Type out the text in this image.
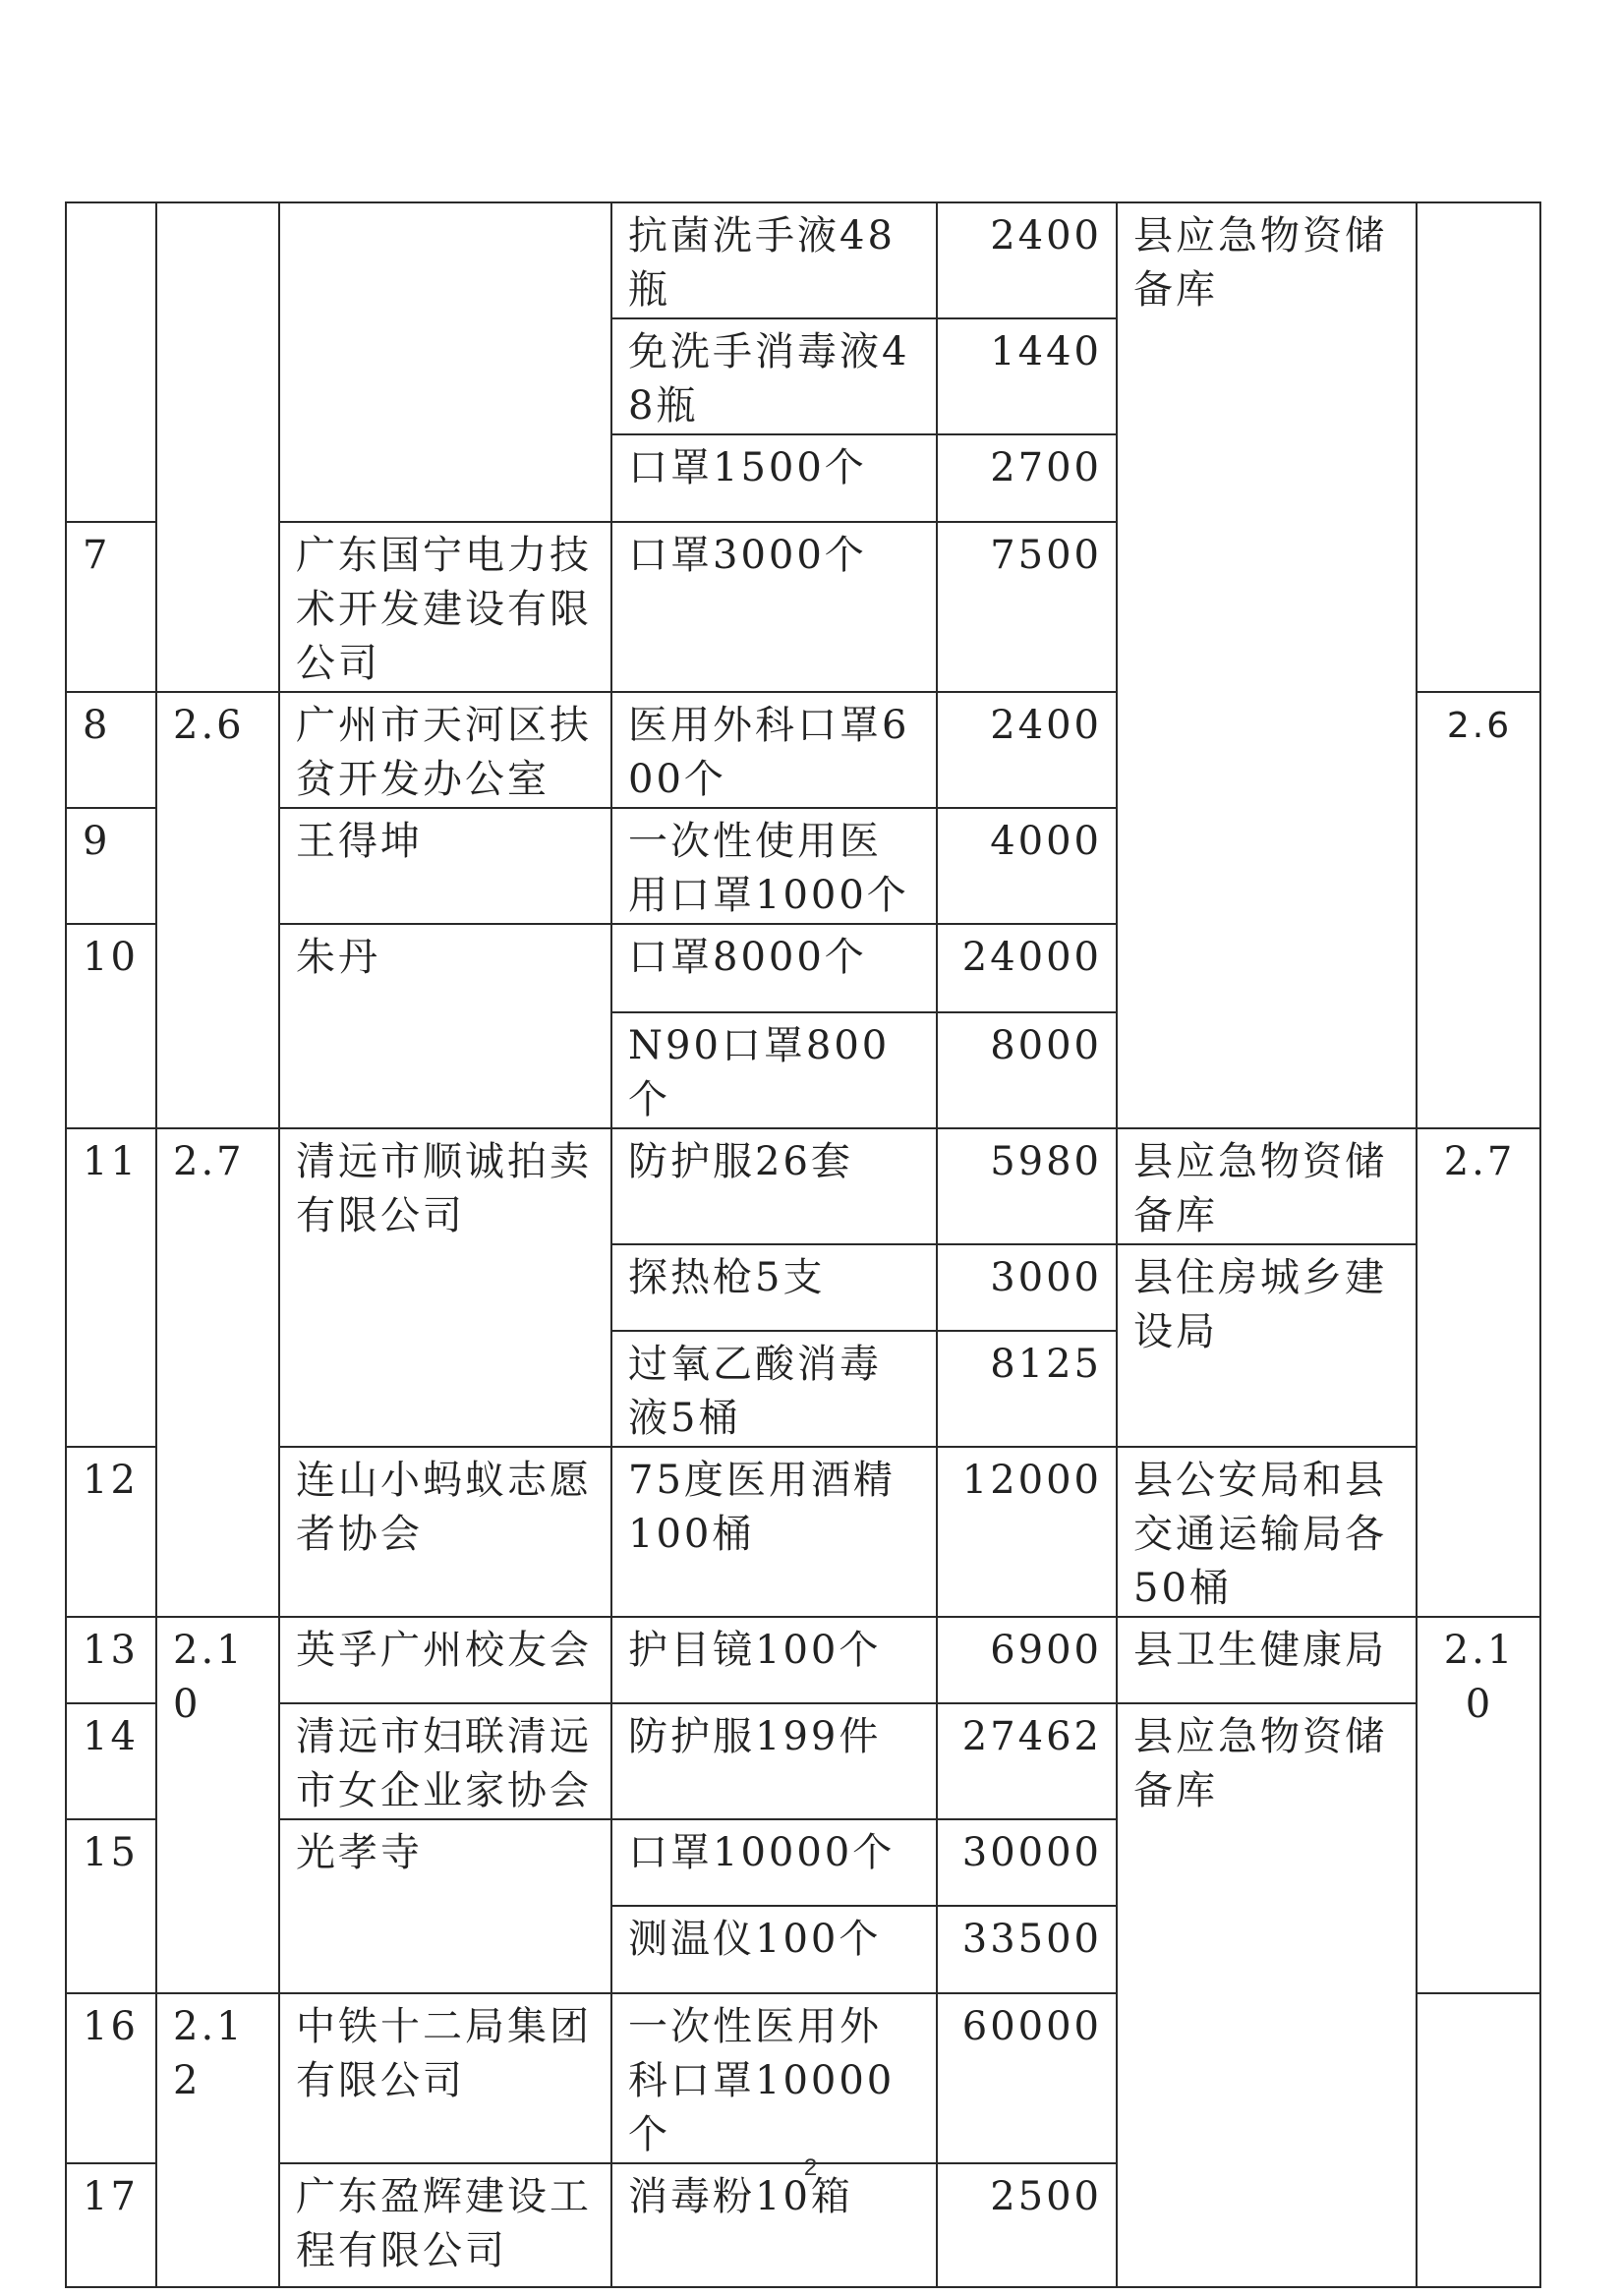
			抗菌洗手液48瓶	2400	县应急物资储备库	
			免洗手消毒液48瓶	1440		
			口罩1500个	2700		
7		广东国宁电力技术开发建设有限公司	口罩3000个	7500		
8	2.6	广州市天河区扶贫开发办公室	医用外科口罩600个	2400		2.6
9		王得坤	一次性使用医用口罩1000个	4000		
10		朱丹	口罩8000个	24000		
			N90口罩800个	8000		
11	2.7	清远市顺诚拍卖有限公司	防护服26套	5980	县应急物资储备库	2.7
			探热枪5支	3000	县住房城乡建设局	
			过氧乙酸消毒液5桶	8125		
12		连山小蚂蚁志愿者协会	75度医用酒精100桶	12000	县公安局和县交通运输局各50桶	
13	2.10	英孚广州校友会	护目镜100个	6900	县卫生健康局	2.10
14		清远市妇联清远市女企业家协会	防护服199件	27462	县应急物资储备库	
15		光孝寺	口罩10000个	30000		
			测温仪100个	33500		
16	2.12	中铁十二局集团有限公司	一次性医用外科口罩10000个	60000		
17		广东盈辉建设工程有限公司	消毒粉10箱	2500		
2
